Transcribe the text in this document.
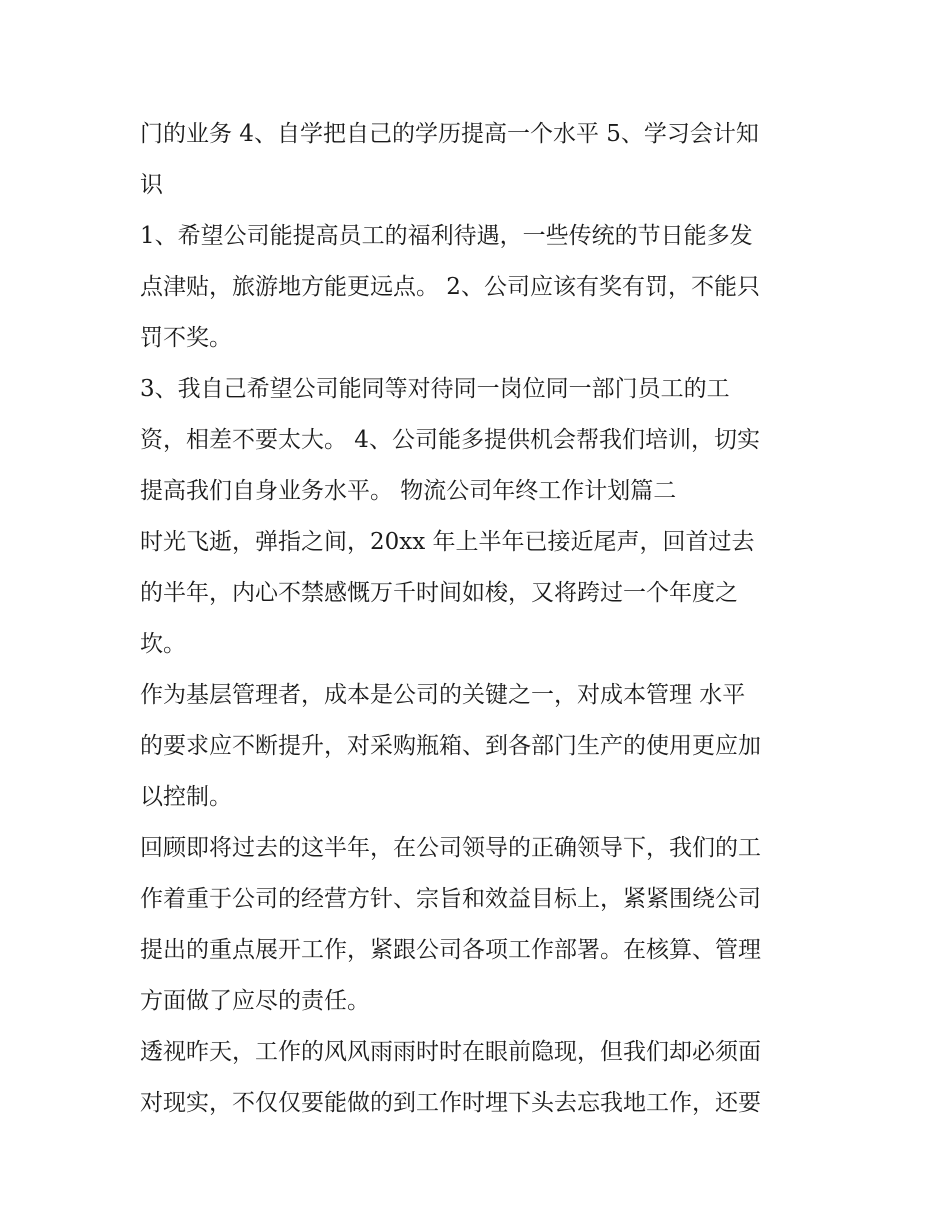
门的业务 4、自学把自己的学历提高一个水平 5、学习会计知
识
1、希望公司能提高员工的福利待遇，一些传统的节日能多发
点津贴，旅游地方能更远点。 2、公司应该有奖有罚，不能只
罚不奖。
3、我自己希望公司能同等对待同一岗位同一部门员工的工
资，相差不要太大。 4、公司能多提供机会帮我们培训，切实
提高我们自身业务水平。 物流公司年终工作计划篇二
时光飞逝，弹指之间，20xx 年上半年已接近尾声，回首过去
的半年，内心不禁感慨万千时间如梭，又将跨过一个年度之
坎。
作为基层管理者，成本是公司的关键之一，对成本管理 水平
的要求应不断提升，对采购瓶箱、到各部门生产的使用更应加
以控制。
回顾即将过去的这半年，在公司领导的正确领导下，我们的工
作着重于公司的经营方针、宗旨和效益目标上，紧紧围绕公司
提出的重点展开工作，紧跟公司各项工作部署。在核算、管理
方面做了应尽的责任。
透视昨天，工作的风风雨雨时时在眼前隐现，但我们却必须面
对现实，不仅仅要能做的到工作时埋下头去忘我地工作，还要
